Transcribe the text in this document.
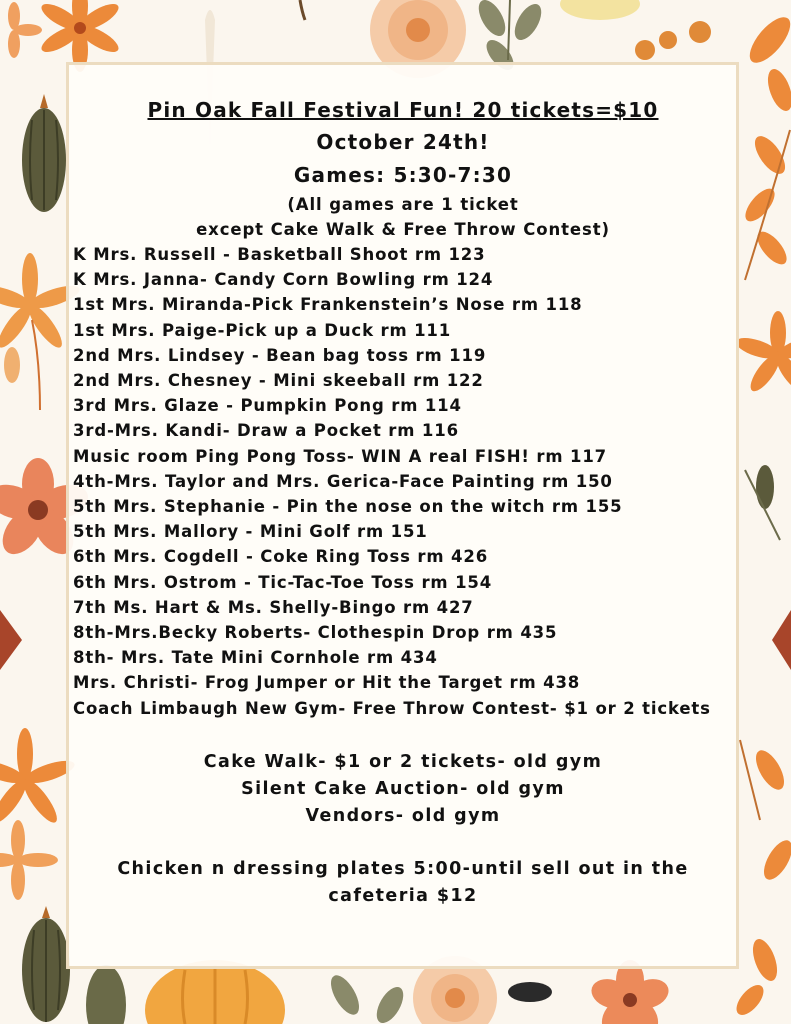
Pin Oak Fall Festival Fun! 20 tickets=$10
October 24th!
Games: 5:30-7:30
(All games are 1 ticket
except Cake Walk & Free Throw Contest)
K Mrs. Russell - Basketball Shoot rm 123
K Mrs. Janna- Candy Corn Bowling rm 124
1st Mrs. Miranda-Pick Frankenstein’s Nose rm 118
1st Mrs. Paige-Pick up a Duck rm 111
2nd Mrs. Lindsey - Bean bag toss rm 119
2nd Mrs. Chesney - Mini skeeball rm 122
3rd Mrs. Glaze - Pumpkin Pong rm 114
3rd-Mrs. Kandi- Draw a Pocket rm 116
Music room Ping Pong Toss- WIN A real FISH! rm 117
4th-Mrs. Taylor and Mrs. Gerica-Face Painting rm 150
5th Mrs. Stephanie - Pin the nose on the witch rm 155
5th Mrs. Mallory - Mini Golf rm 151
6th Mrs. Cogdell - Coke Ring Toss rm 426
6th Mrs. Ostrom - Tic-Tac-Toe Toss rm 154
7th Ms. Hart & Ms. Shelly-Bingo rm 427
8th-Mrs.Becky Roberts- Clothespin Drop rm 435
8th- Mrs. Tate Mini Cornhole rm 434
Mrs. Christi- Frog Jumper or Hit the Target rm 438
Coach Limbaugh New Gym- Free Throw Contest- $1 or 2 tickets
Cake Walk- $1 or 2 tickets- old gym
Silent Cake Auction- old gym
Vendors- old gym
Chicken n dressing plates 5:00-until sell out in the cafeteria $12
